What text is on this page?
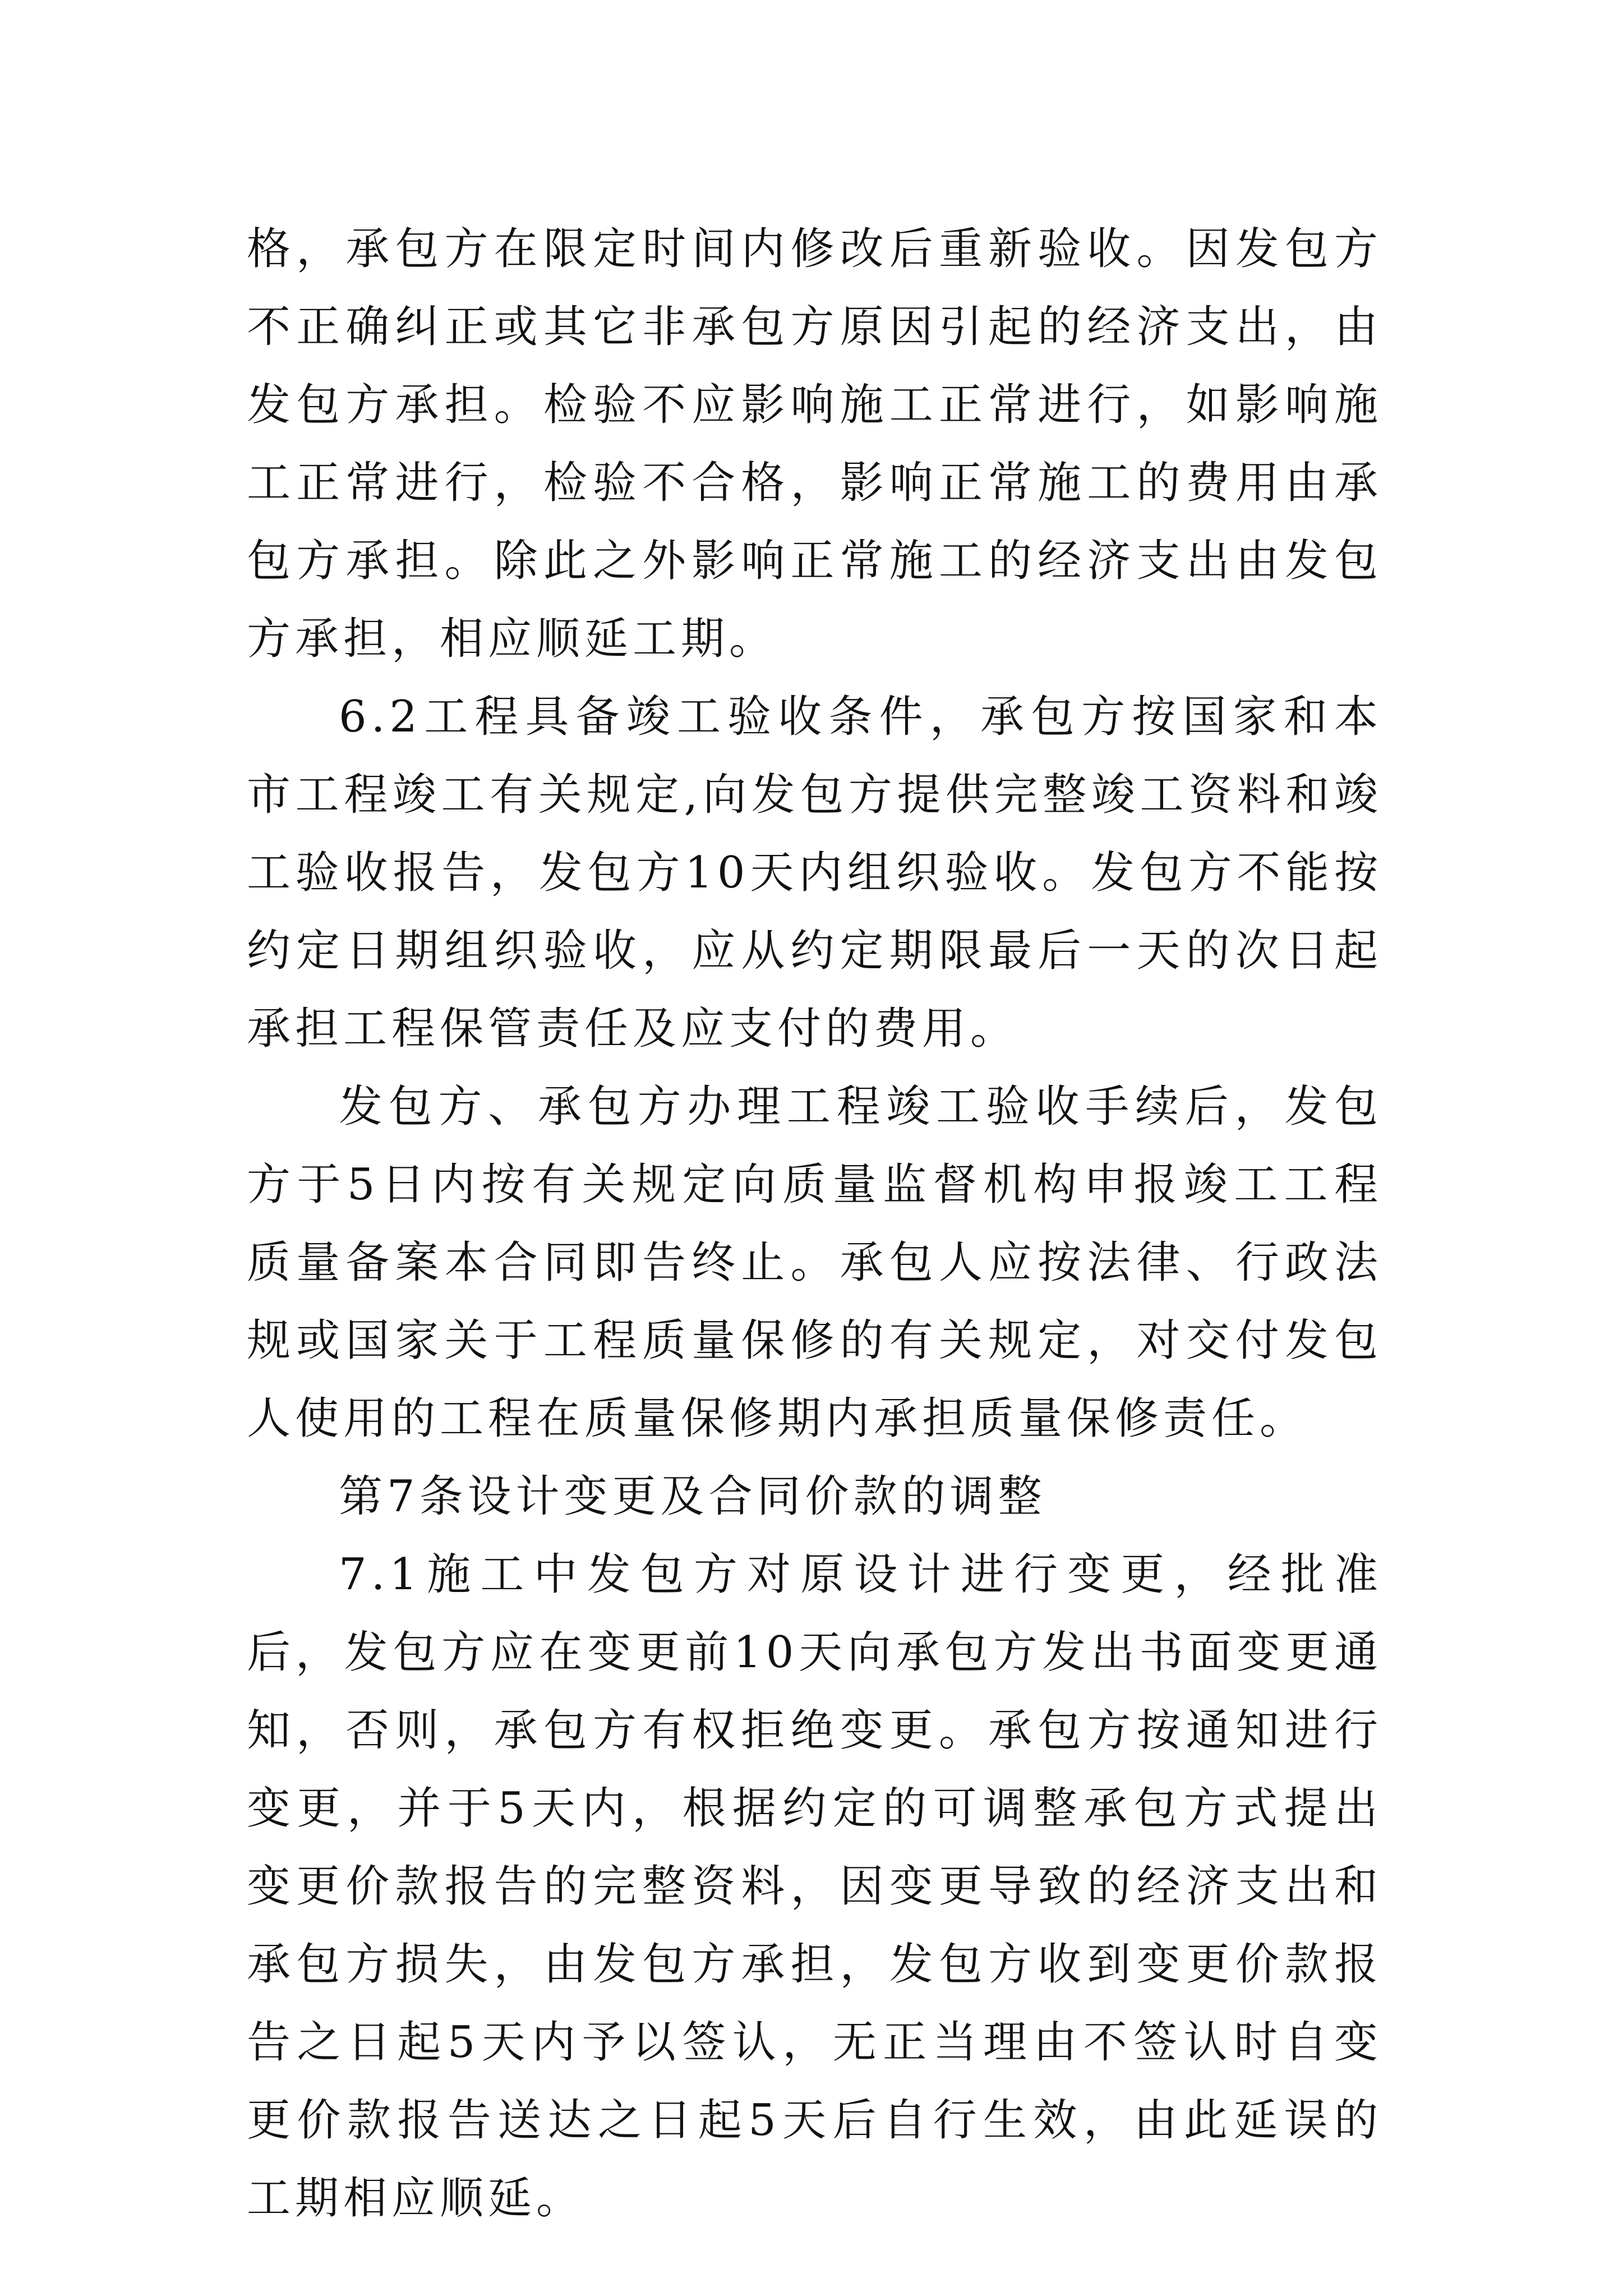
格，承包方在限定时间内修改后重新验收。因发包方不正确纠正或其它非承包方原因引起的经济支出，由发包方承担。检验不应影响施工正常进行，如影响施工正常进行，检验不合格，影响正常施工的费用由承包方承担。除此之外影响正常施工的经济支出由发包方承担，相应顺延工期。

6.2工程具备竣工验收条件，承包方按国家和本市工程竣工有关规定,向发包方提供完整竣工资料和竣工验收报告，发包方10天内组织验收。发包方不能按约定日期组织验收，应从约定期限最后一天的次日起承担工程保管责任及应支付的费用。

发包方、承包方办理工程竣工验收手续后，发包方于5日内按有关规定向质量监督机构申报竣工工程质量备案本合同即告终止。承包人应按法律、行政法规或国家关于工程质量保修的有关规定，对交付发包人使用的工程在质量保修期内承担质量保修责任。

第7条设计变更及合同价款的调整

7.1施工中发包方对原设计进行变更，经批准后，发包方应在变更前10天向承包方发出书面变更通知，否则，承包方有权拒绝变更。承包方按通知进行变更，并于5天内，根据约定的可调整承包方式提出变更价款报告的完整资料，因变更导致的经济支出和承包方损失，由发包方承担，发包方收到变更价款报告之日起5天内予以签认，无正当理由不签认时自变更价款报告送达之日起5天后自行生效，由此延误的工期相应顺延。
